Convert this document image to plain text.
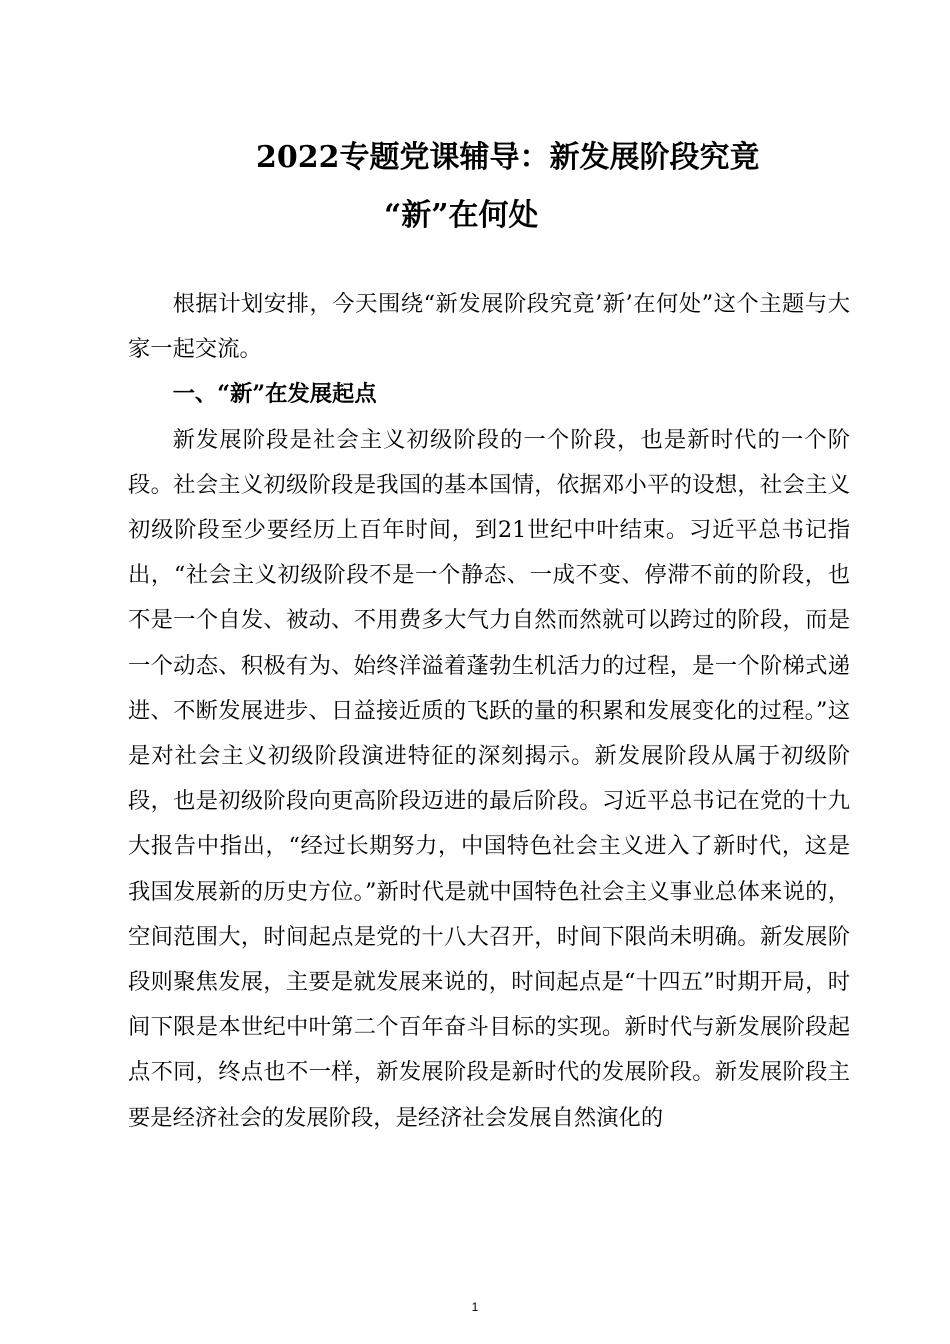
2022专题党课辅导：新发展阶段究竟
“新”在何处

根据计划安排，今天围绕“新发展阶段究竟’新’在何处”这个主题与大家一起交流。

一、“新”在发展起点

新发展阶段是社会主义初级阶段的一个阶段，也是新时代的一个阶段。社会主义初级阶段是我国的基本国情，依据邓小平的设想，社会主义初级阶段至少要经历上百年时间，到21世纪中叶结束。习近平总书记指出，“社会主义初级阶段不是一个静态、一成不变、停滞不前的阶段，也不是一个自发、被动、不用费多大气力自然而然就可以跨过的阶段，而是一个动态、积极有为、始终洋溢着蓬勃生机活力的过程，是一个阶梯式递进、不断发展进步、日益接近质的飞跃的量的积累和发展变化的过程。”这是对社会主义初级阶段演进特征的深刻揭示。新发展阶段从属于初级阶段，也是初级阶段向更高阶段迈进的最后阶段。习近平总书记在党的十九大报告中指出，“经过长期努力，中国特色社会主义进入了新时代，这是我国发展新的历史方位。”新时代是就中国特色社会主义事业总体来说的，空间范围大，时间起点是党的十八大召开，时间下限尚未明确。新发展阶段则聚焦发展，主要是就发展来说的，时间起点是“十四五”时期开局，时间下限是本世纪中叶第二个百年奋斗目标的实现。新时代与新发展阶段起点不同，终点也不一样，新发展阶段是新时代的发展阶段。新发展阶段主要是经济社会的发展阶段，是经济社会发展自然演化的

1
